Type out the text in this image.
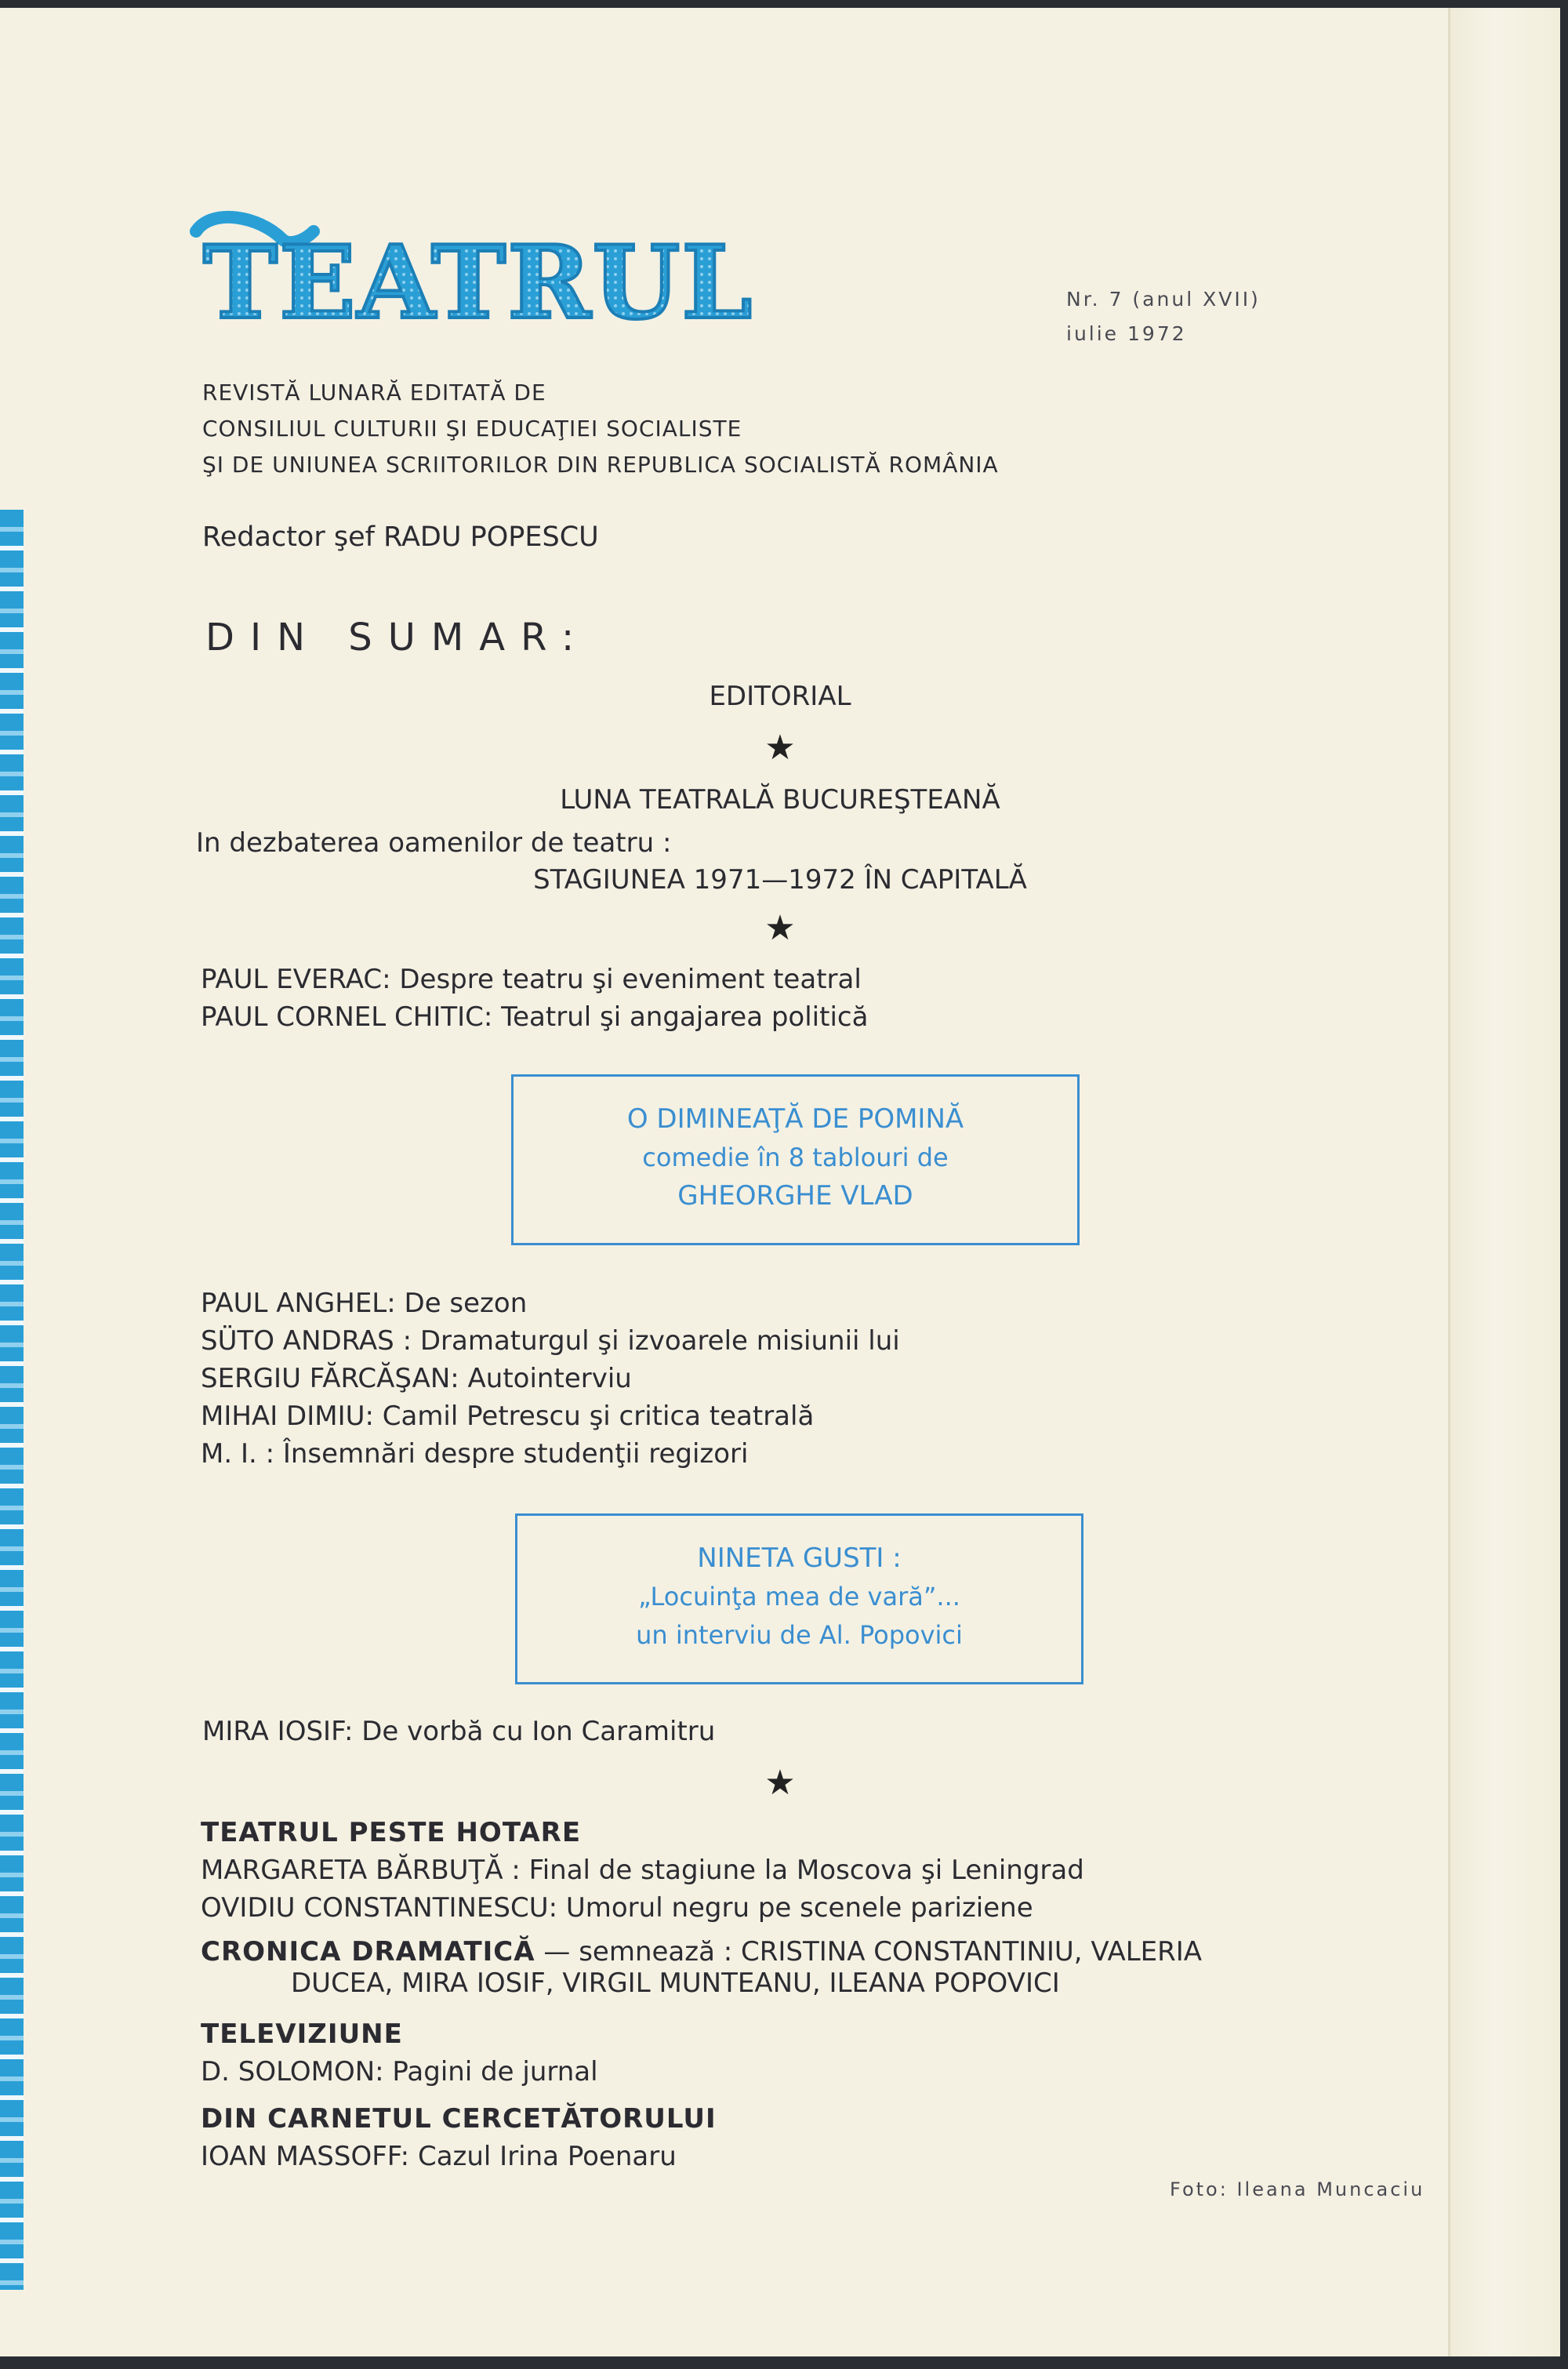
TEATRUL	Nr. 7 (anul XVII)
iulie 1972
REVISTĂ LUNARĂ EDITATĂ DE
CONSILIUL CULTURII ŞI EDUCAŢIEI SOCIALISTE
ŞI DE UNIUNEA SCRIITORILOR DIN REPUBLICA SOCIALISTĂ ROMÂNIA
Redactor şef RADU POPESCU
DIN SUMAR:
EDITORIAL
★
LUNA TEATRALĂ BUCUREŞTEANĂ
In dezbaterea oamenilor de teatru :
STAGIUNEA 1971—1972 ÎN CAPITALĂ
★
PAUL EVERAC: Despre teatru şi eveniment teatral
PAUL CORNEL CHITIC: Teatrul şi angajarea politică
O DIMINEAŢĂ DE POMINĂ
comedie în 8 tablouri de
GHEORGHE VLAD
PAUL ANGHEL: De sezon
SÜTO ANDRAS : Dramaturgul şi izvoarele misiunii lui
SERGIU FĂRCĂŞAN: Autointerviu
MIHAI DIMIU: Camil Petrescu şi critica teatrală
M. I. : Însemnări despre studenţii regizori
NINETA GUSTI :
„Locuinţa mea de vară”...
un interviu de Al. Popovici
MIRA IOSIF: De vorbă cu Ion Caramitru
★
TEATRUL PESTE HOTARE
MARGARETA BĂRBUŢĂ : Final de stagiune la Moscova şi Leningrad
OVIDIU CONSTANTINESCU: Umorul negru pe scenele pariziene
CRONICA DRAMATICĂ — semnează : CRISTINA CONSTANTINIU, VALERIA
DUCEA, MIRA IOSIF, VIRGIL MUNTEANU, ILEANA POPOVICI
TELEVIZIUNE
D. SOLOMON: Pagini de jurnal
DIN CARNETUL CERCETĂTORULUI
IOAN MASSOFF: Cazul Irina Poenaru
Foto: Ileana Muncaciu
